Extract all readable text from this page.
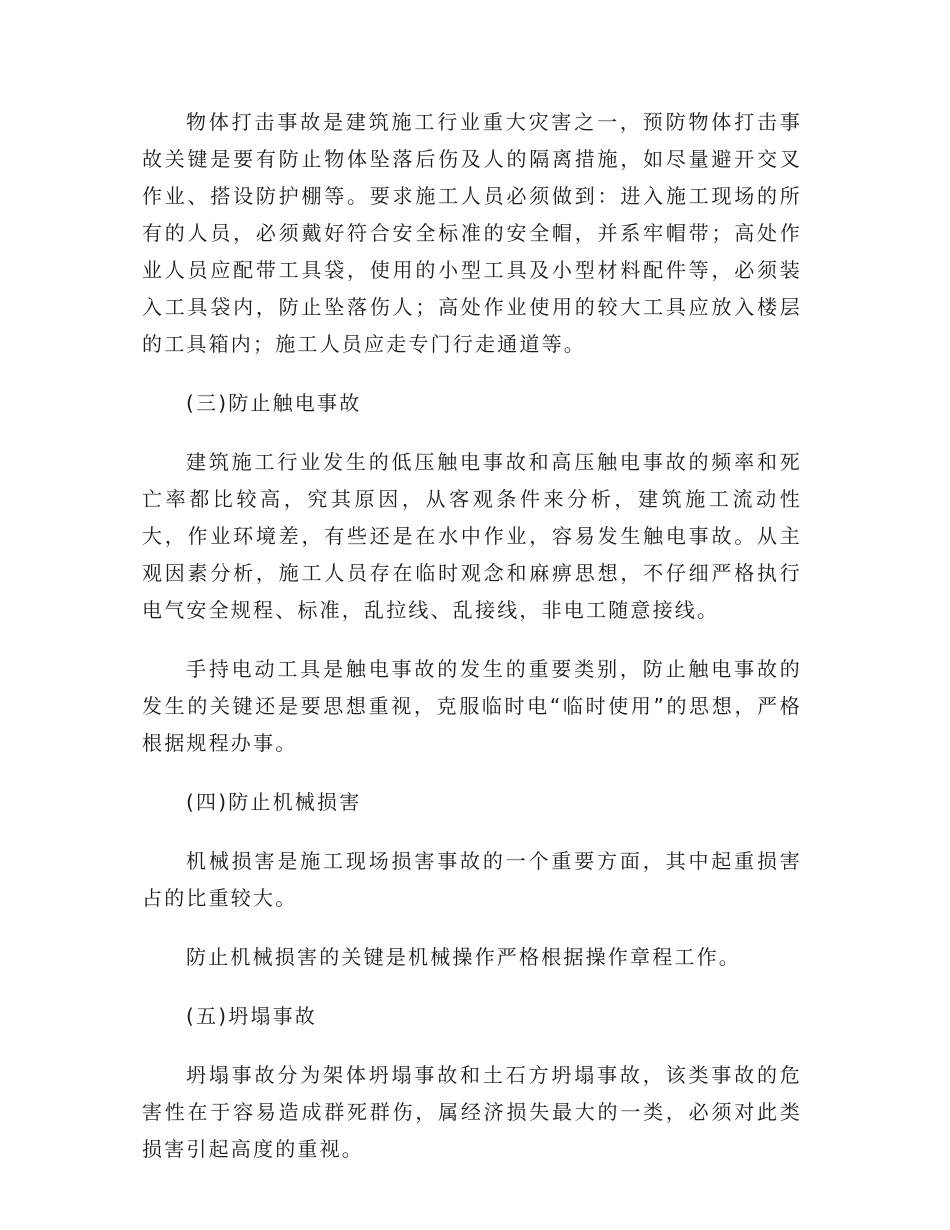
物体打击事故是建筑施工行业重大灾害之一，预防物体打击事故关键是要有防止物体坠落后伤及人的隔离措施，如尽量避开交叉作业、搭设防护棚等。要求施工人员必须做到：进入施工现场的所有的人员，必须戴好符合安全标准的安全帽，并系牢帽带；高处作业人员应配带工具袋，使用的小型工具及小型材料配件等，必须装入工具袋内，防止坠落伤人；高处作业使用的较大工具应放入楼层的工具箱内；施工人员应走专门行走通道等。

(三)防止触电事故

建筑施工行业发生的低压触电事故和高压触电事故的频率和死亡率都比较高，究其原因，从客观条件来分析，建筑施工流动性大，作业环境差，有些还是在水中作业，容易发生触电事故。从主观因素分析，施工人员存在临时观念和麻痹思想，不仔细严格执行电气安全规程、标准，乱拉线、乱接线，非电工随意接线。

手持电动工具是触电事故的发生的重要类别，防止触电事故的发生的关键还是要思想重视，克服临时电“临时使用”的思想，严格根据规程办事。

(四)防止机械损害

机械损害是施工现场损害事故的一个重要方面，其中起重损害占的比重较大。

防止机械损害的关键是机械操作严格根据操作章程工作。

(五)坍塌事故

坍塌事故分为架体坍塌事故和土石方坍塌事故，该类事故的危害性在于容易造成群死群伤，属经济损失最大的一类，必须对此类损害引起高度的重视。
